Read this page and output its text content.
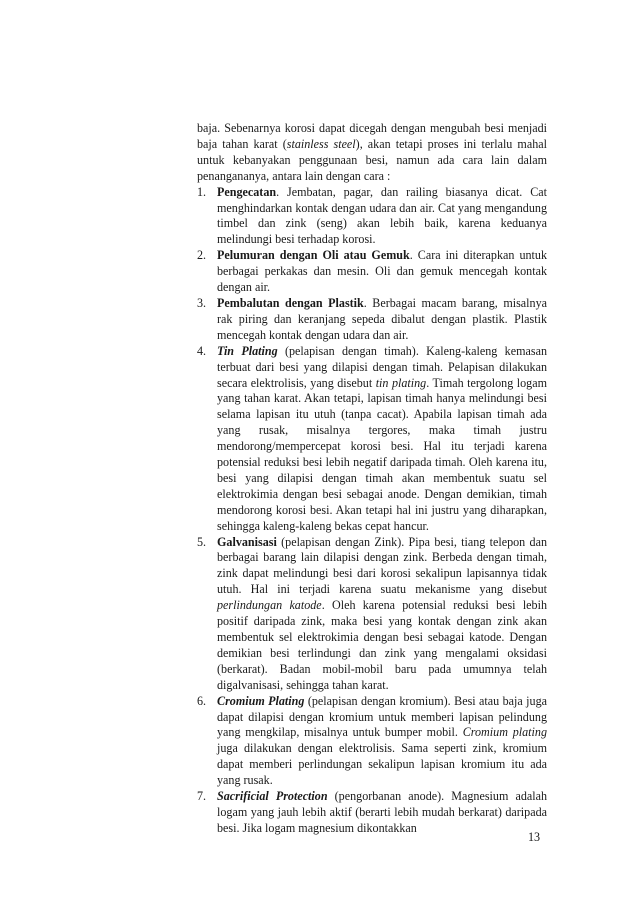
baja. Sebenarnya korosi dapat dicegah dengan mengubah besi menjadi baja tahan karat (stainless steel), akan tetapi proses ini terlalu mahal untuk kebanyakan penggunaan besi, namun ada cara lain dalam penangananya, antara lain dengan cara :

1. Pengecatan. Jembatan, pagar, dan railing biasanya dicat. Cat menghindarkan kontak dengan udara dan air. Cat yang mengandung timbel dan zink (seng) akan lebih baik, karena keduanya melindungi besi terhadap korosi.
2. Pelumuran dengan Oli atau Gemuk. Cara ini diterapkan untuk berbagai perkakas dan mesin. Oli dan gemuk mencegah kontak dengan air.
3. Pembalutan dengan Plastik. Berbagai macam barang, misalnya rak piring dan keranjang sepeda dibalut dengan plastik. Plastik mencegah kontak dengan udara dan air.
4. Tin Plating (pelapisan dengan timah). Kaleng-kaleng kemasan terbuat dari besi yang dilapisi dengan timah. Pelapisan dilakukan secara elektrolisis, yang disebut tin plating. Timah tergolong logam yang tahan karat. Akan tetapi, lapisan timah hanya melindungi besi selama lapisan itu utuh (tanpa cacat). Apabila lapisan timah ada yang rusak, misalnya tergores, maka timah justru mendorong/mempercepat korosi besi. Hal itu terjadi karena potensial reduksi besi lebih negatif daripada timah. Oleh karena itu, besi yang dilapisi dengan timah akan membentuk suatu sel elektrokimia dengan besi sebagai anode. Dengan demikian, timah mendorong korosi besi. Akan tetapi hal ini justru yang diharapkan, sehingga kaleng-kaleng bekas cepat hancur.
5. Galvanisasi (pelapisan dengan Zink). Pipa besi, tiang telepon dan berbagai barang lain dilapisi dengan zink. Berbeda dengan timah, zink dapat melindungi besi dari korosi sekalipun lapisannya tidak utuh. Hal ini terjadi karena suatu mekanisme yang disebut perlindungan katode. Oleh karena potensial reduksi besi lebih positif daripada zink, maka besi yang kontak dengan zink akan membentuk sel elektrokimia dengan besi sebagai katode. Dengan demikian besi terlindungi dan zink yang mengalami oksidasi (berkarat). Badan mobil-mobil baru pada umumnya telah digalvanisasi, sehingga tahan karat.
6. Cromium Plating (pelapisan dengan kromium). Besi atau baja juga dapat dilapisi dengan kromium untuk memberi lapisan pelindung yang mengkilap, misalnya untuk bumper mobil. Cromium plating juga dilakukan dengan elektrolisis. Sama seperti zink, kromium dapat memberi perlindungan sekalipun lapisan kromium itu ada yang rusak.
7. Sacrificial Protection (pengorbanan anode). Magnesium adalah logam yang jauh lebih aktif (berarti lebih mudah berkarat) daripada besi. Jika logam magnesium dikontakkan
13
